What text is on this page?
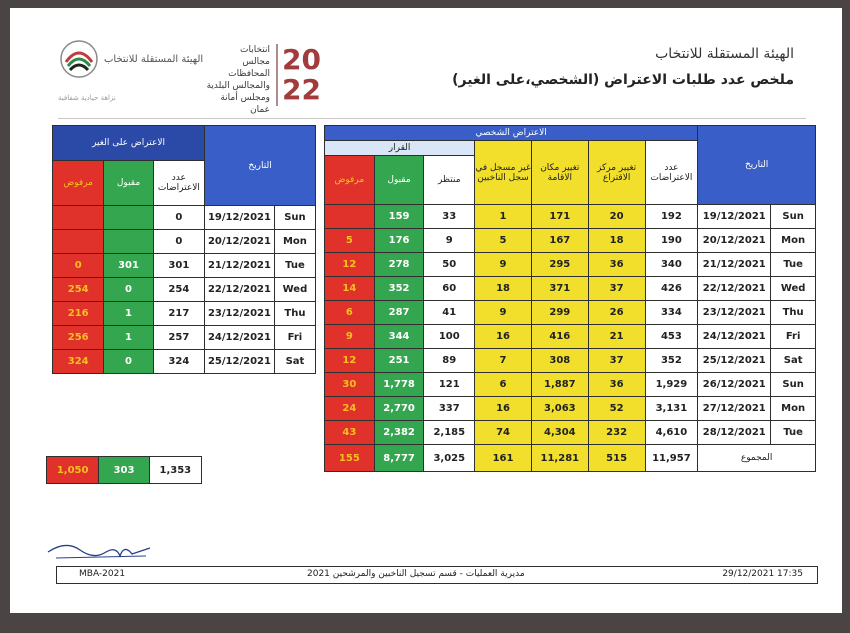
الهيئة المستقلة للانتخاب
نزاهة حيادية شفافية
انتخابات
مجالس المحافظات
والمجالس البلدية
ومجلس أمانة عمان
20
22
الهيئة المستقلة للانتخاب
ملخص عدد طلبات الاعتراض (الشخصي،على الغير)
الاعتراض على الغير			التاريخ	
مرفوض	مقبول	عدد الاعتراضات		
		0	19/12/2021	Sun
		0	20/12/2021	Mon
0	301	301	21/12/2021	Tue
254	0	254	22/12/2021	Wed
216	1	217	23/12/2021	Thu
256	1	257	24/12/2021	Fri
324	0	324	25/12/2021	Sat
1,050	303	1,353
الاعتراض الشخصي							التاريخ	
القرار			غير مسجل في سجل الناخبين	تغيير مكان الاقامة	تغيير مركز الاقتراع	عدد الاعتراضات		
مرفوض	مقبول	منتظر						
	159	33	1	171	20	192	19/12/2021	Sun
5	176	9	5	167	18	190	20/12/2021	Mon
12	278	50	9	295	36	340	21/12/2021	Tue
14	352	60	18	371	37	426	22/12/2021	Wed
6	287	41	9	299	26	334	23/12/2021	Thu
9	344	100	16	416	21	453	24/12/2021	Fri
12	251	89	7	308	37	352	25/12/2021	Sat
30	1,778	121	6	1,887	36	1,929	26/12/2021	Sun
24	2,770	337	16	3,063	52	3,131	27/12/2021	Mon
43	2,382	2,185	74	4,304	232	4,610	28/12/2021	Tue
155	8,777	3,025	161	11,281	515	11,957	المجموع	
MBA-2021	مديرية العمليات - قسم تسجيل الناخبين والمرشحين 2021	29/12/2021 17:35
